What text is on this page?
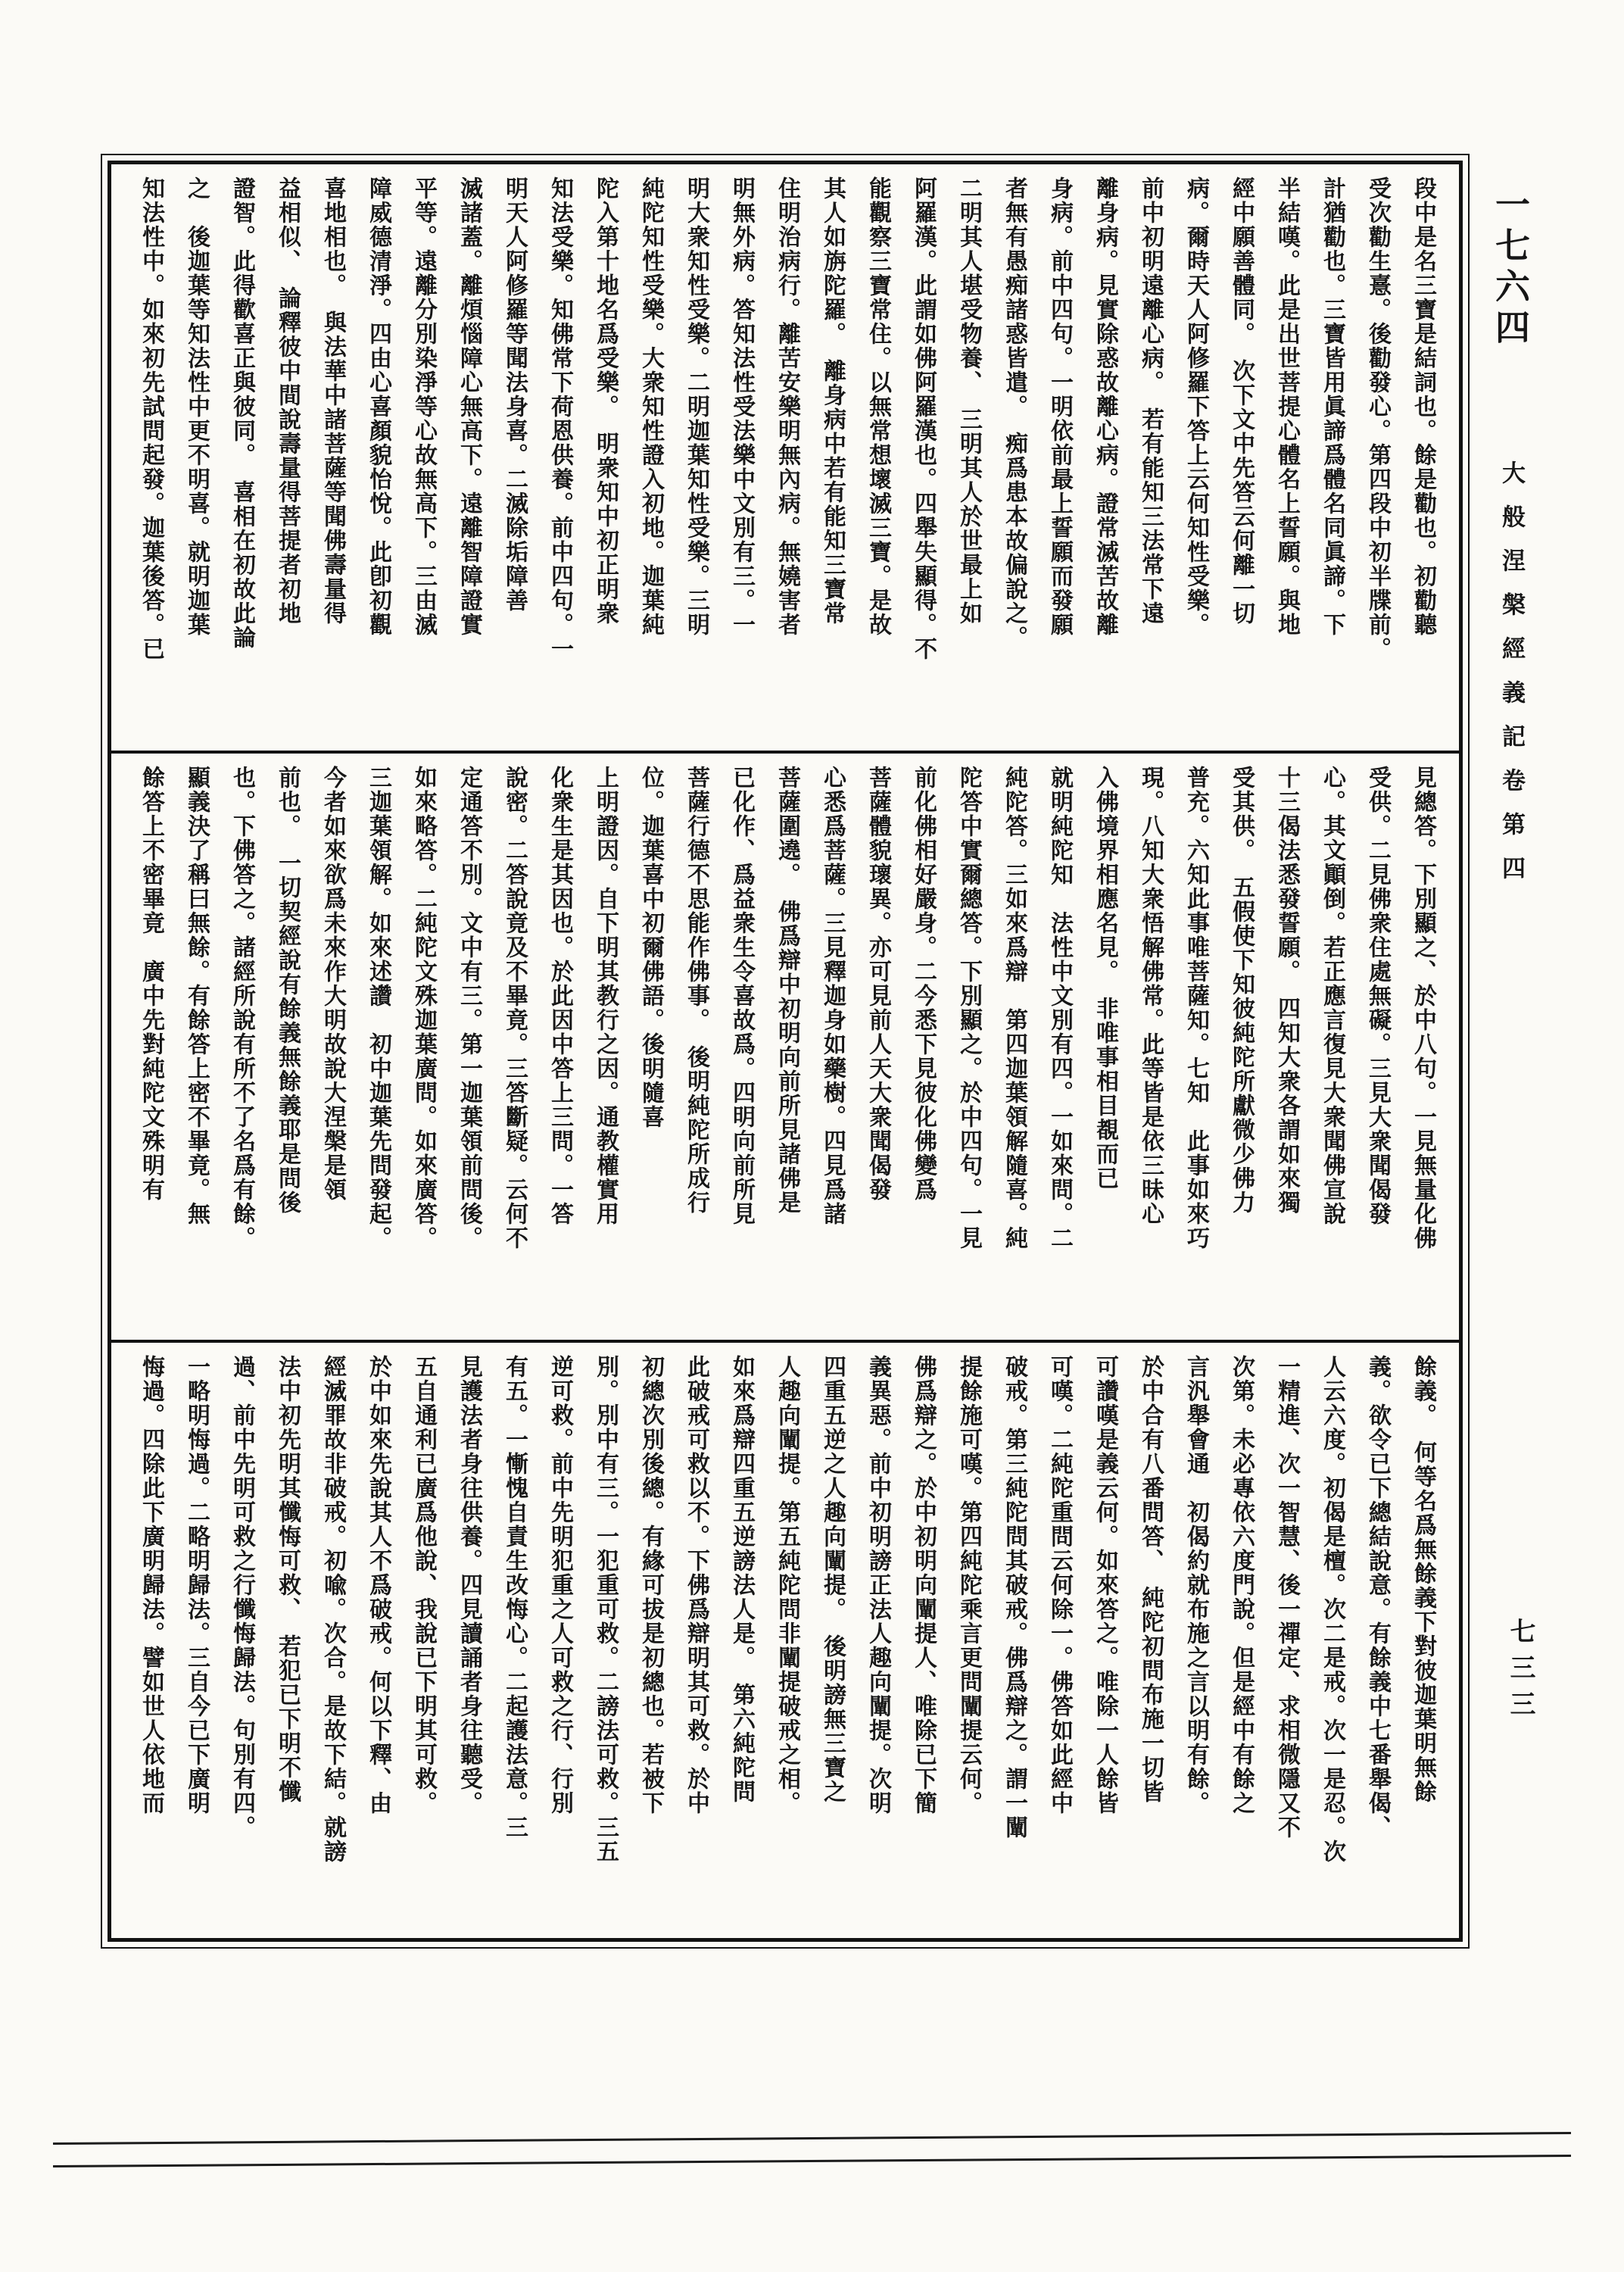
段中是名三寶是結詞也。餘是勸也。初勸聽
受次勸生憙。後勸發心。第四段中初半牒前。
計猶勸也。三寶皆用眞諦爲體名同眞諦。下
半結嘆。此是出世菩提心體名上誓願。與地
經中願善體同。　次下文中先答云何離一切
病。爾時天人阿修羅下答上云何知性受樂。
前中初明遠離心病。　若有能知三法常下遠
離身病。見實除惑故離心病。證常滅苦故離
身病。前中四句。一明依前最上誓願而發願
者無有愚痴諸惑皆遣。　痴爲患本故偏說之。
二明其人堪受物養、　三明其人於世最上如
阿羅漢。此謂如佛阿羅漢也。四舉失顯得。不
能觀察三寶常住。以無常想壞滅三寶。是故
其人如旃陀羅。　離身病中若有能知三寶常
住明治病行。離苦安樂明無內病。無嬈害者
明無外病。答知法性受法樂中文別有三。一
明大衆知性受樂。二明迦葉知性受樂。三明
純陀知性受樂。大衆知性證入初地。迦葉純
陀入第十地名爲受樂。　明衆知中初正明衆
知法受樂。知佛常下荷恩供養。前中四句。一
明天人阿修羅等聞法身喜。二滅除垢障善
滅諸蓋。離煩惱障心無高下。遠離智障證實
平等。遠離分別染淨等心故無高下。三由滅
障威德清淨。四由心喜顏貌怡悅。此卽初觀
喜地相也。　與法華中諸菩薩等聞佛壽量得
益相似、　論釋彼中間說壽量得菩提者初地
證智。此得歡喜正與彼同。　喜相在初故此論
之　後迦葉等知法性中更不明喜。就明迦葉
知法性中。如來初先試問起發。迦葉後答。已
見總答。下別顯之、於中八句。一見無量化佛
受供。二見佛衆住處無礙。三見大衆聞偈發
心。其文顚倒。若正應言復見大衆聞佛宣說
十三偈法悉發誓願。　四知大衆各謂如來獨
受其供。　五假使下知彼純陀所獻微少佛力
普充。六知此事唯菩薩知。七知　此事如來巧
現。八知大衆悟解佛常。此等皆是依三昧心
入佛境界相應名見。　非唯事相目覩而已
就明純陀知　法性中文別有四。一如來問。二
純陀答。三如來爲辯　第四迦葉領解隨喜。純
陀答中實爾總答。下別顯之。於中四句。一見
前化佛相好嚴身。二今悉下見彼化佛變爲
菩薩體貌瓌異。亦可見前人天大衆聞偈發
心悉爲菩薩。三見釋迦身如藥樹。四見爲諸
菩薩圍遶。　佛爲辯中初明向前所見諸佛是
已化作、爲益衆生令喜故爲。四明向前所見
菩薩行德不思能作佛事。　後明純陀所成行
位。迦葉喜中初爾佛語。後明隨喜
上明證因。自下明其教行之因。通教權實用
化衆生是其因也。於此因中答上三問。一答
說密。二答說竟及不畢竟。三答斷疑。云何不
定通答不別。文中有三。第一迦葉領前問後。
如來略答。二純陀文殊迦葉廣問。如來廣答。
三迦葉領解。如來述讚　初中迦葉先問發起。
今者如來欲爲未來作大明故說大涅槃是領
前也。　一切契經說有餘義無餘義耶是問後
也。下佛答之。諸經所說有所不了名爲有餘。
顯義決了稱曰無餘。有餘答上密不畢竟。無
餘答上不密畢竟　廣中先對純陀文殊明有
餘義。　何等名爲無餘義下對彼迦葉明無餘
義。欲令已下總結說意。有餘義中七番舉偈、
人云六度。初偈是檀。次二是戒。次一是忍。次
一精進、次一智慧、後一禪定、求相微隱又不
次第。未必專依六度門說。但是經中有餘之
言汎舉會通　初偈約就布施之言以明有餘。
於中合有八番問答、　純陀初問布施一切皆
可讚嘆是義云何。如來答之。唯除一人餘皆
可嘆。二純陀重問云何除一。佛答如此經中
破戒。第三純陀問其破戒。佛爲辯之。謂一闡
提餘施可嘆。第四純陀乘言更問闡提云何。
佛爲辯之。於中初明向闡提人、唯除已下簡
義異惡。前中初明謗正法人趣向闡提。次明
四重五逆之人趣向闡提。　後明謗無三寶之
人趣向闡提。第五純陀問非闡提破戒之相。
如來爲辯四重五逆謗法人是。　第六純陀問
此破戒可救以不。下佛爲辯明其可救。於中
初總次別後總。有緣可拔是初總也。若被下
別。別中有三。一犯重可救。二謗法可救。三五
逆可救。前中先明犯重之人可救之行、行別
有五。一慚愧自責生改悔心。二起護法意。三
見護法者身往供養。四見讀誦者身往聽受。
五自通利已廣爲他說、我說已下明其可救。
於中如來先說其人不爲破戒。何以下釋、由
經滅罪故非破戒。初喩。次合。是故下結。就謗
法中初先明其懺悔可救、　若犯已下明不懺
過、前中先明可救之行懺悔歸法。句別有四。
一略明悔過。二略明歸法。三自今已下廣明
悔過。四除此下廣明歸法。譬如世人依地而
一七六四
大般涅槃經義記卷第四
七三三
